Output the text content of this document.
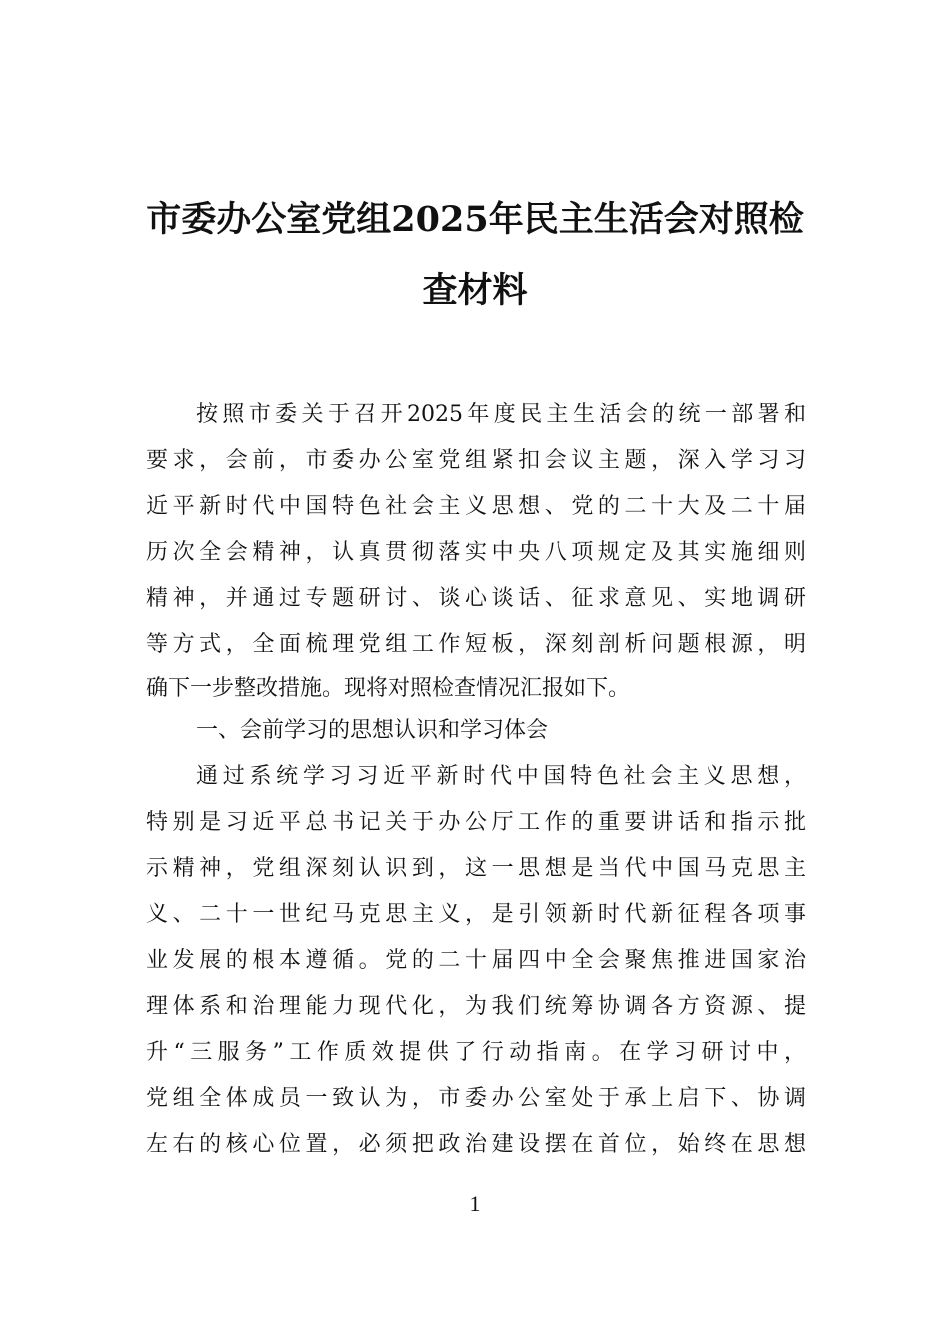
市委办公室党组2025年民主生活会对照检
查材料
按照市委关于召开2025年度民主生活会的统一部署和
要求，会前，市委办公室党组紧扣会议主题，深入学习习
近平新时代中国特色社会主义思想、党的二十大及二十届
历次全会精神，认真贯彻落实中央八项规定及其实施细则
精神，并通过专题研讨、谈心谈话、征求意见、实地调研
等方式，全面梳理党组工作短板，深刻剖析问题根源，明
确下一步整改措施。现将对照检查情况汇报如下。
一、会前学习的思想认识和学习体会
通过系统学习习近平新时代中国特色社会主义思想，
特别是习近平总书记关于办公厅工作的重要讲话和指示批
示精神，党组深刻认识到，这一思想是当代中国马克思主
义、二十一世纪马克思主义，是引领新时代新征程各项事
业发展的根本遵循。党的二十届四中全会聚焦推进国家治
理体系和治理能力现代化，为我们统筹协调各方资源、提
升“三服务”工作质效提供了行动指南。在学习研讨中，
党组全体成员一致认为，市委办公室处于承上启下、协调
左右的核心位置，必须把政治建设摆在首位，始终在思想
1
